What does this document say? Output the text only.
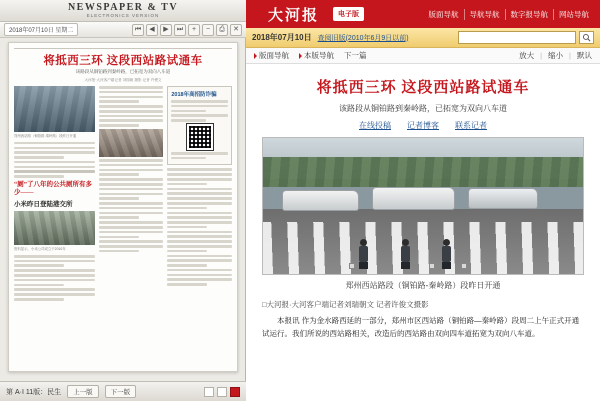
NEWSPAPER & TV
ELECTRONICS VERSION
2018年07月10日 星期二	⏮	◀	▶	⏭	+	−	⎙	✕
将抵西三环 这段西站路试通车
该路段从铜铂路到秦岭路，已拓宽为双向八车道
大河报·大河客户端记者 刘瑞朝 摄影 记者 许俊文
郑州西站路（铜铂路-秦岭路）段昨日开通
“厕”了八年的公共厕所有多少——
小米昨日登陆港交所
资料显示，小米公司成立于2010年
2018年高招防诈骗
第 A·I 11版：民生	上一版	下一版
大河报	电子版	版面导航	导航导航	数字报导航	网站导航
2018年07月10日 查阅旧版(2010年6月9日以前)
版面导航 本版导航 下一篇	放大 | 缩小 | 默认
将抵西三环 这段西站路试通车
该路段从铜铂路到秦岭路，已拓宽为双向八车道
在线投稿 记者博客 联系记者
郑州西站路段（铜铂路-秦岭路）段昨日开通
□大河报·大河客户端记者刘瑞朝文 记者许俊文摄影
本报讯 作为金水路西延的一部分，郑州市区西站路（铜铂路—秦岭路）段周二上午正式开通试运行。我们所说的西站路相关，改造后的西站路由双向四车道拓宽为双向八车道。
